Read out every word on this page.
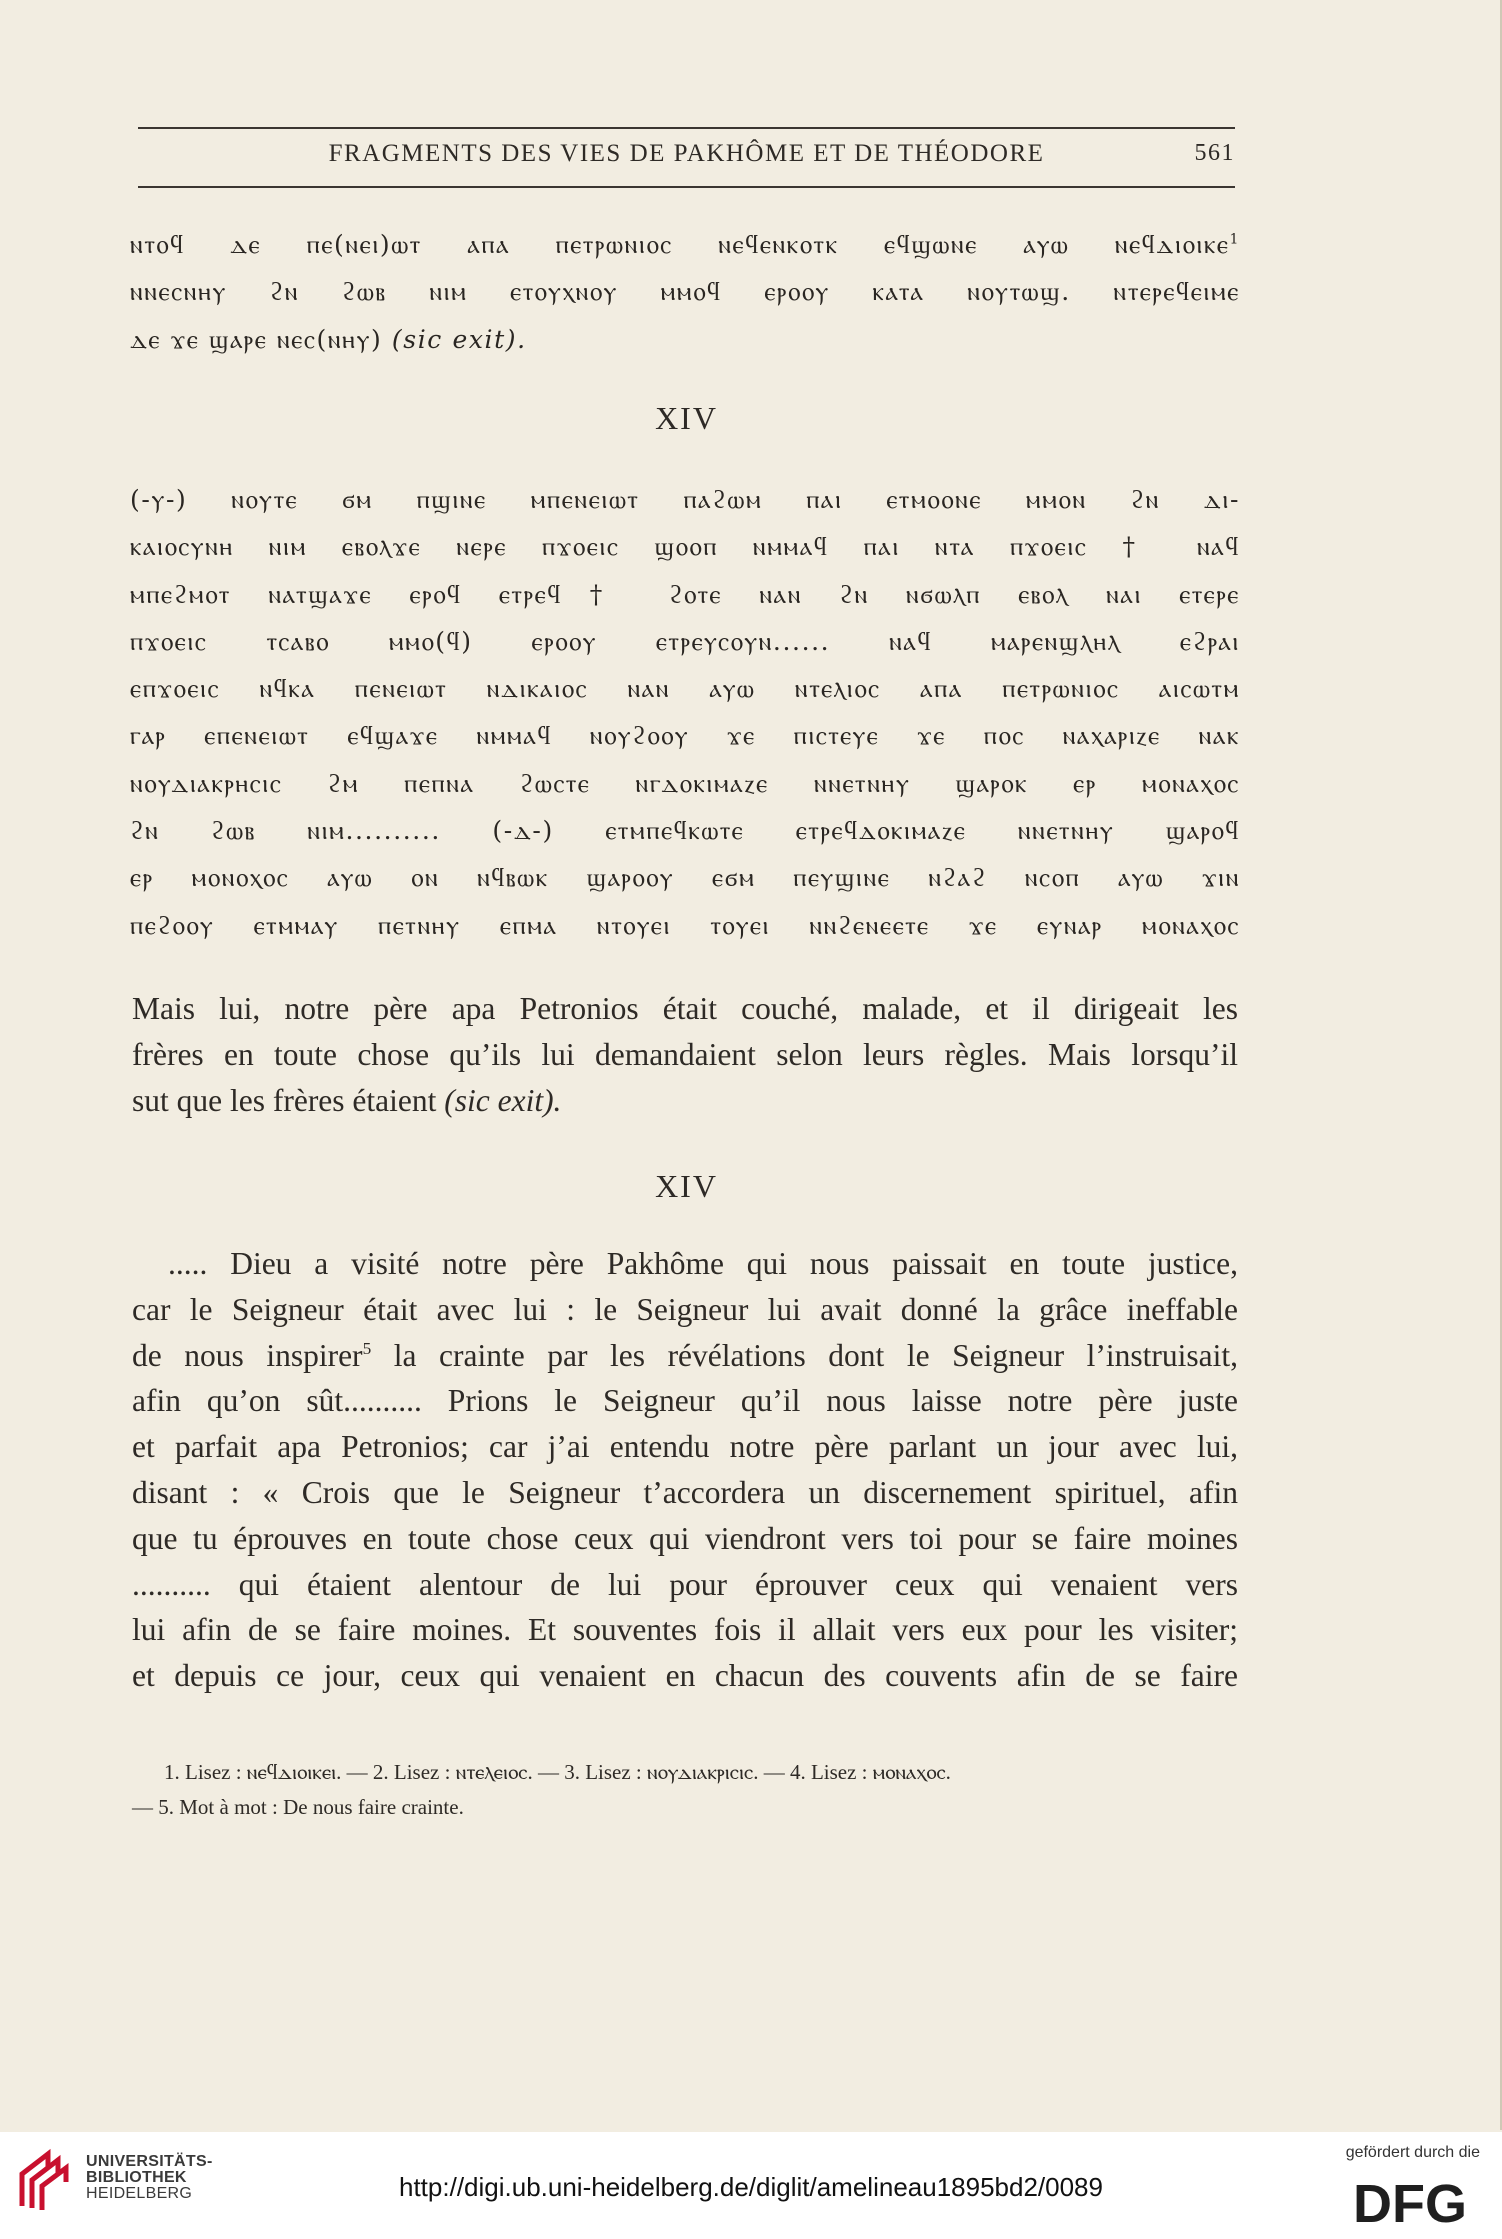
FRAGMENTS DES VIES DE PAKHÔME ET DE THÉODORE	561
ⲛⲧⲟϥ ⲇⲉ ⲡⲉ(ⲛⲉⲓ)ⲱⲧ ⲁⲡⲁ ⲡⲉⲧⲣⲱⲛⲓⲟⲥ ⲛⲉϥⲉⲛⲕⲟⲧⲕ ⲉϥϣⲱⲛⲉ ⲁⲩⲱ ⲛⲉϥⲇⲓⲟⲓⲕⲉ$^1$
ⲛⲛⲉⲥⲛⲏⲩ ϩⲛ ϩⲱⲃ ⲛⲓⲙ ⲉⲧⲟⲩⲭⲛⲟⲩ ⲙⲙⲟϥ ⲉⲣⲟⲟⲩ ⲕⲁⲧⲁ ⲛⲟⲩⲧⲱϣ. ⲛⲧⲉⲣⲉϥⲉⲓⲙⲉ
ⲇⲉ ϫⲉ ϣⲁⲣⲉ ⲛⲉⲥ(ⲛⲏⲩ) (sic exit).
XIV
(-ⲩ-) ⲛⲟⲩⲧⲉ ϭⲙ ⲡϣⲓⲛⲉ ⲙⲡⲉⲛⲉⲓⲱⲧ ⲡⲁϩⲱⲙ ⲡⲁⲓ ⲉⲧⲙⲟⲟⲛⲉ ⲙⲙⲟⲛ ϩⲛ ⲇⲓ-
ⲕⲁⲓⲟⲥⲩⲛⲏ ⲛⲓⲙ ⲉⲃⲟⲗϫⲉ ⲛⲉⲣⲉ ⲡϫⲟⲉⲓⲥ ϣⲟⲟⲡ ⲛⲙⲙⲁϥ ⲡⲁⲓ ⲛⲧⲁ ⲡϫⲟⲉⲓⲥ † ⲛⲁϥ
ⲙⲡⲉϩⲙⲟⲧ ⲛⲁⲧϣⲁϫⲉ ⲉⲣⲟϥ ⲉⲧⲣⲉϥ† ϩⲟⲧⲉ ⲛⲁⲛ ϩⲛ ⲛϭⲱⲗⲡ ⲉⲃⲟⲗ ⲛⲁⲓ ⲉⲧⲉⲣⲉ
ⲡϫⲟⲉⲓⲥ ⲧⲥⲁⲃⲟ ⲙⲙⲟ(ϥ) ⲉⲣⲟⲟⲩ ⲉⲧⲣⲉⲩⲥⲟⲩⲛ...... ⲛⲁϥ ⲙⲁⲣⲉⲛϣⲗⲏⲗ ⲉϩⲣⲁⲓ
ⲉⲡϫⲟⲉⲓⲥ ⲛϥⲕⲁ ⲡⲉⲛⲉⲓⲱⲧ ⲛⲇⲓⲕⲁⲓⲟⲥ ⲛⲁⲛ ⲁⲩⲱ ⲛⲧⲉⲗⲓⲟⲥ ⲁⲡⲁ ⲡⲉⲧⲣⲱⲛⲓⲟⲥ ⲁⲓⲥⲱⲧⲙ
ⲅⲁⲣ ⲉⲡⲉⲛⲉⲓⲱⲧ ⲉϥϣⲁϫⲉ ⲛⲙⲙⲁϥ ⲛⲟⲩϩⲟⲟⲩ ϫⲉ ⲡⲓⲥⲧⲉⲩⲉ ϫⲉ ⲡⲟⲥ ⲛⲁⲭⲁⲣⲓⲍⲉ ⲛⲁⲕ
ⲛⲟⲩⲇⲓⲁⲕⲣⲏⲥⲓⲥ ϩⲙ ⲡⲉⲡⲛⲁ ϩⲱⲥⲧⲉ ⲛⲅⲇⲟⲕⲓⲙⲁⲍⲉ ⲛⲛⲉⲧⲛⲏⲩ ϣⲁⲣⲟⲕ ⲉⲣ ⲙⲟⲛⲁⲭⲟⲥ
ϩⲛ ϩⲱⲃ ⲛⲓⲙ.......... (-ⲇ-) ⲉⲧⲙⲡⲉϥⲕⲱⲧⲉ ⲉⲧⲣⲉϥⲇⲟⲕⲓⲙⲁⲍⲉ ⲛⲛⲉⲧⲛⲏⲩ ϣⲁⲣⲟϥ
ⲉⲣ ⲙⲟⲛⲟⲭⲟⲥ ⲁⲩⲱ ⲟⲛ ⲛϥⲃⲱⲕ ϣⲁⲣⲟⲟⲩ ⲉϭⲙ ⲡⲉⲩϣⲓⲛⲉ ⲛϩⲁϩ ⲛⲥⲟⲡ ⲁⲩⲱ ϫⲓⲛ
ⲡⲉϩⲟⲟⲩ ⲉⲧⲙⲙⲁⲩ ⲡⲉⲧⲛⲏⲩ ⲉⲡⲙⲁ ⲛⲧⲟⲩⲉⲓ ⲧⲟⲩⲉⲓ ⲛⲛϩⲉⲛⲉⲉⲧⲉ ϫⲉ ⲉⲩⲛⲁⲣ ⲙⲟⲛⲁⲭⲟⲥ
Mais lui, notre père apa Petronios était couché, malade, et il dirigeait les
frères en toute chose qu’ils lui demandaient selon leurs règles. Mais lorsqu’il
sut que les frères étaient (sic exit).
XIV
..... Dieu a visité notre père Pakhôme qui nous paissait en toute justice,
car le Seigneur était avec lui : le Seigneur lui avait donné la grâce ineffable
de nous inspirer$^5$ la crainte par les révélations dont le Seigneur l’instruisait,
afin qu’on sût.......... Prions le Seigneur qu’il nous laisse notre père juste
et parfait apa Petronios; car j’ai entendu notre père parlant un jour avec lui,
disant : « Crois que le Seigneur t’accordera un discernement spirituel, afin
que tu éprouves en toute chose ceux qui viendront vers toi pour se faire moines
.......... qui étaient alentour de lui pour éprouver ceux qui venaient vers
lui afin de se faire moines. Et souventes fois il allait vers eux pour les visiter;
et depuis ce jour, ceux qui venaient en chacun des couvents afin de se faire
1. Lisez : ⲛⲉϥⲇⲓⲟⲓⲕⲉⲓ. — 2. Lisez : ⲛⲧⲉⲗⲉⲓⲟⲥ. — 3. Lisez : ⲛⲟⲩⲇⲓⲁⲕⲣⲓⲥⲓⲥ. — 4. Lisez : ⲙⲟⲛⲁⲭⲟⲥ.
— 5. Mot à mot : De nous faire crainte.
UNIVERSITÄTS-
BIBLIOTHEK
HEIDELBERG	http://digi.ub.uni-heidelberg.de/diglit/amelineau1895bd2/0089
gefördert durch die
DFG
